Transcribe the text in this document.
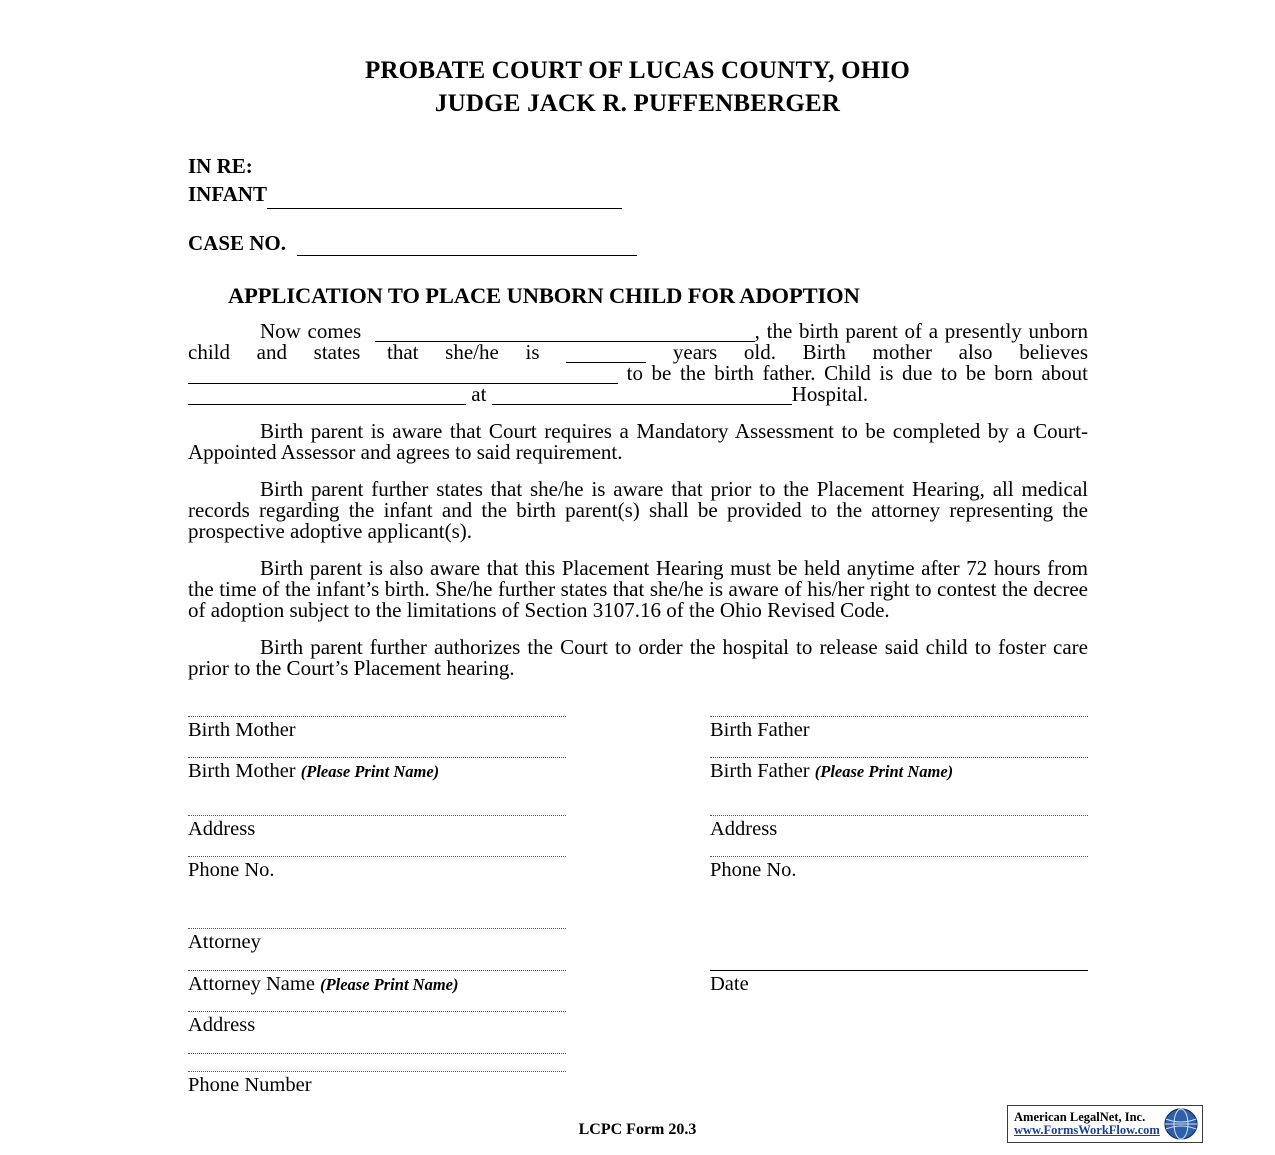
PROBATE COURT OF LUCAS COUNTY, OHIO
JUDGE JACK R. PUFFENBERGER
IN RE:
INFANT
CASE NO.
APPLICATION TO PLACE UNBORN CHILD FOR ADOPTION

Now comes	, the birth parent of a presently unborn child and states that she/he is	years old. Birth mother also believes  to be the birth father. Child is due to be born about  at	Hospital.

Birth parent is aware that Court requires a Mandatory Assessment to be completed by a Court-Appointed Assessor and agrees to said requirement.

Birth parent further states that she/he is aware that prior to the Placement Hearing, all medical records regarding the infant and the birth parent(s) shall be provided to the attorney representing the prospective adoptive applicant(s).

Birth parent is also aware that this Placement Hearing must be held anytime after 72 hours from the time of the infant’s birth. She/he further states that she/he is aware of his/her right to contest the decree of adoption subject to the limitations of Section 3107.16 of the Ohio Revised Code.

Birth parent further authorizes the Court to order the hospital to release said child to foster care prior to the Court’s Placement hearing.

Birth Mother	Birth Father
Birth Mother (Please Print Name)	Birth Father (Please Print Name)
Address	Address
Phone No.	Phone No.
Attorney
Attorney Name (Please Print Name)	Date
Address
Phone Number
LCPC Form 20.3
American LegalNet, Inc.
www.FormsWorkFlow.com
